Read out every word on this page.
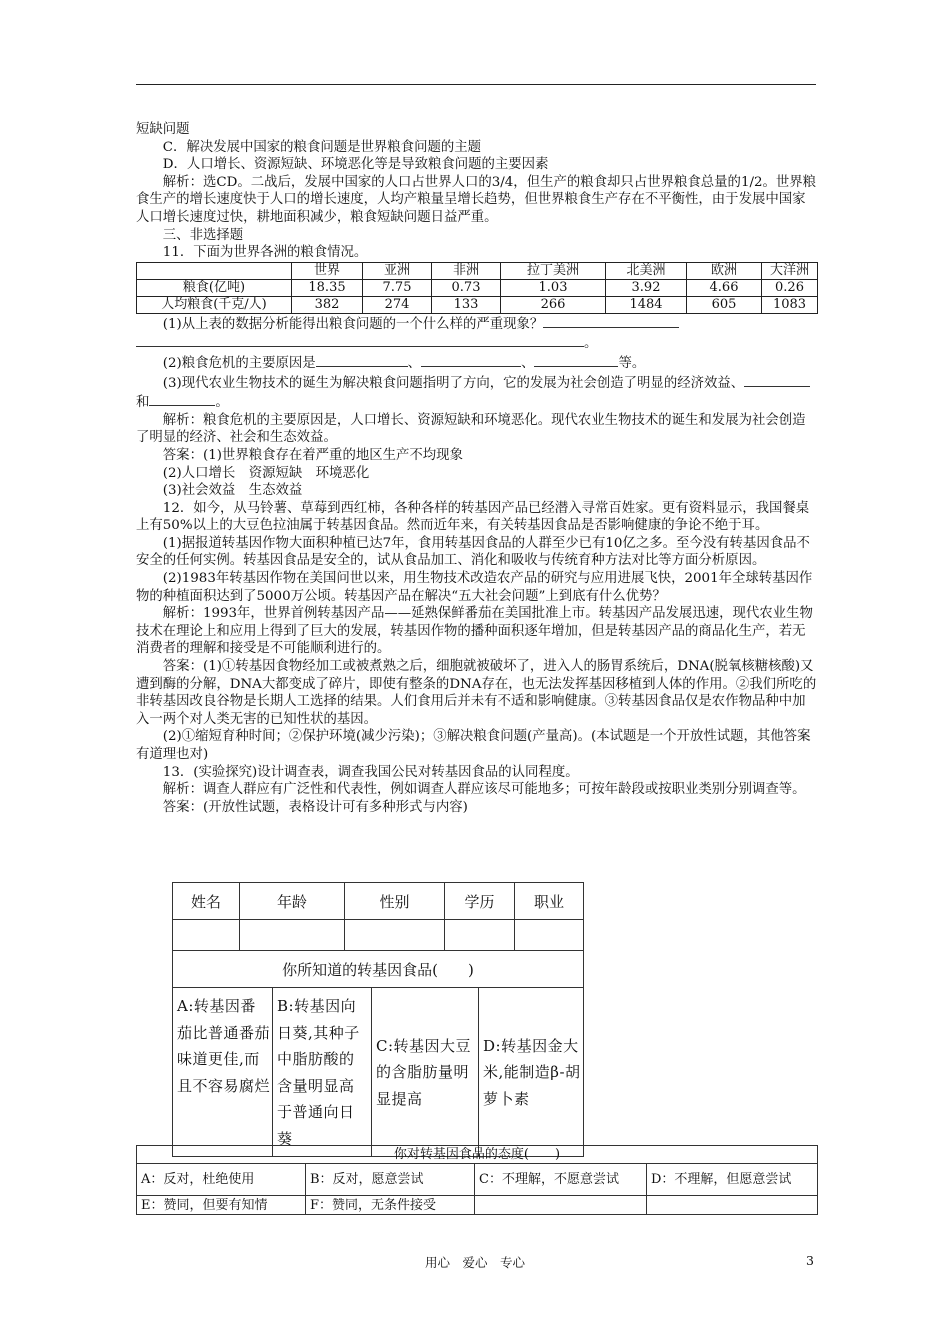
短缺问题

C．解决发展中国家的粮食问题是世界粮食问题的主题

D．人口增长、资源短缺、环境恶化等是导致粮食问题的主要因素

解析：选CD。二战后，发展中国家的人口占世界人口的3/4，但生产的粮食却只占世界粮食总量的1/2。世界粮食生产的增长速度快于人口的增长速度，人均产粮量呈增长趋势，但世界粮食生产存在不平衡性，由于发展中国家人口增长速度过快，耕地面积减少，粮食短缺问题日益严重。

三、非选择题

11．下面为世界各洲的粮食情况。

	世界	亚洲	非洲	拉丁美洲	北美洲	欧洲	大洋洲
粮食(亿吨)	18.35	7.75	0.73	1.03	3.92	4.66	0.26
人均粮食(千克/人)	382	274	133	266	1484	605	1083

(1)从上表的数据分析能得出粮食问题的一个什么样的严重现象？

。

(2)粮食危机的主要原因是	、	、	等。

(3)现代农业生物技术的诞生为解决粮食问题指明了方向，它的发展为社会创造了明显的经济效益、和	。

解析：粮食危机的主要原因是，人口增长、资源短缺和环境恶化。现代农业生物技术的诞生和发展为社会创造了明显的经济、社会和生态效益。

答案：(1)世界粮食存在着严重的地区生产不均现象

(2)人口增长　资源短缺　环境恶化

(3)社会效益　生态效益

12．如今，从马铃薯、草莓到西红柿，各种各样的转基因产品已经潜入寻常百姓家。更有资料显示，我国餐桌上有50%以上的大豆色拉油属于转基因食品。然而近年来，有关转基因食品是否影响健康的争论不绝于耳。

(1)据报道转基因作物大面积种植已达7年，食用转基因食品的人群至少已有10亿之多。至今没有转基因食品不安全的任何实例。转基因食品是安全的，试从食品加工、消化和吸收与传统育种方法对比等方面分析原因。

(2)1983年转基因作物在美国问世以来，用生物技术改造农产品的研究与应用进展飞快，2001年全球转基因作物的种植面积达到了5000万公顷。转基因产品在解决“五大社会问题”上到底有什么优势？

解析：1993年，世界首例转基因产品——延熟保鲜番茄在美国批准上市。转基因产品发展迅速，现代农业生物技术在理论上和应用上得到了巨大的发展，转基因作物的播种面积逐年增加，但是转基因产品的商品化生产，若无消费者的理解和接受是不可能顺利进行的。

答案：(1)①转基因食物经加工或被煮熟之后，细胞就被破坏了，进入人的肠胃系统后，DNA(脱氧核糖核酸)又遭到酶的分解，DNA大都变成了碎片，即使有整条的DNA存在，也无法发挥基因移植到人体的作用。②我们所吃的非转基因改良谷物是长期人工选择的结果。人们食用后并未有不适和影响健康。③转基因食品仅是农作物品种中加入一两个对人类无害的已知性状的基因。

(2)①缩短育种时间；②保护环境(减少污染)；③解决粮食问题(产量高)。(本试题是一个开放性试题，其他答案有道理也对)

13．(实验探究)设计调查表，调查我国公民对转基因食品的认同程度。

解析：调查人群应有广泛性和代表性，例如调查人群应该尽可能地多；可按年龄段或按职业类别分别调查等。

答案：(开放性试题，表格设计可有多种形式与内容)

姓名	年龄	性别	学历	职业

你所知道的转基因食品(　　)

A:转基因番茄比普通番茄味道更佳,而且不容易腐烂	B:转基因向日葵,其种子中脂肪酸的含量明显高于普通向日葵	C:转基因大豆的含脂肪量明显提高	D:转基因金大米,能制造β-胡萝卜素
你对转基因食品的态度(　　)			
A：反对，杜绝使用	B：反对，愿意尝试	C：不理解，不愿意尝试	D：不理解，但愿意尝试
E：赞同，但要有知情	F：赞同，无条件接受		
用心　爱心　专心	3
